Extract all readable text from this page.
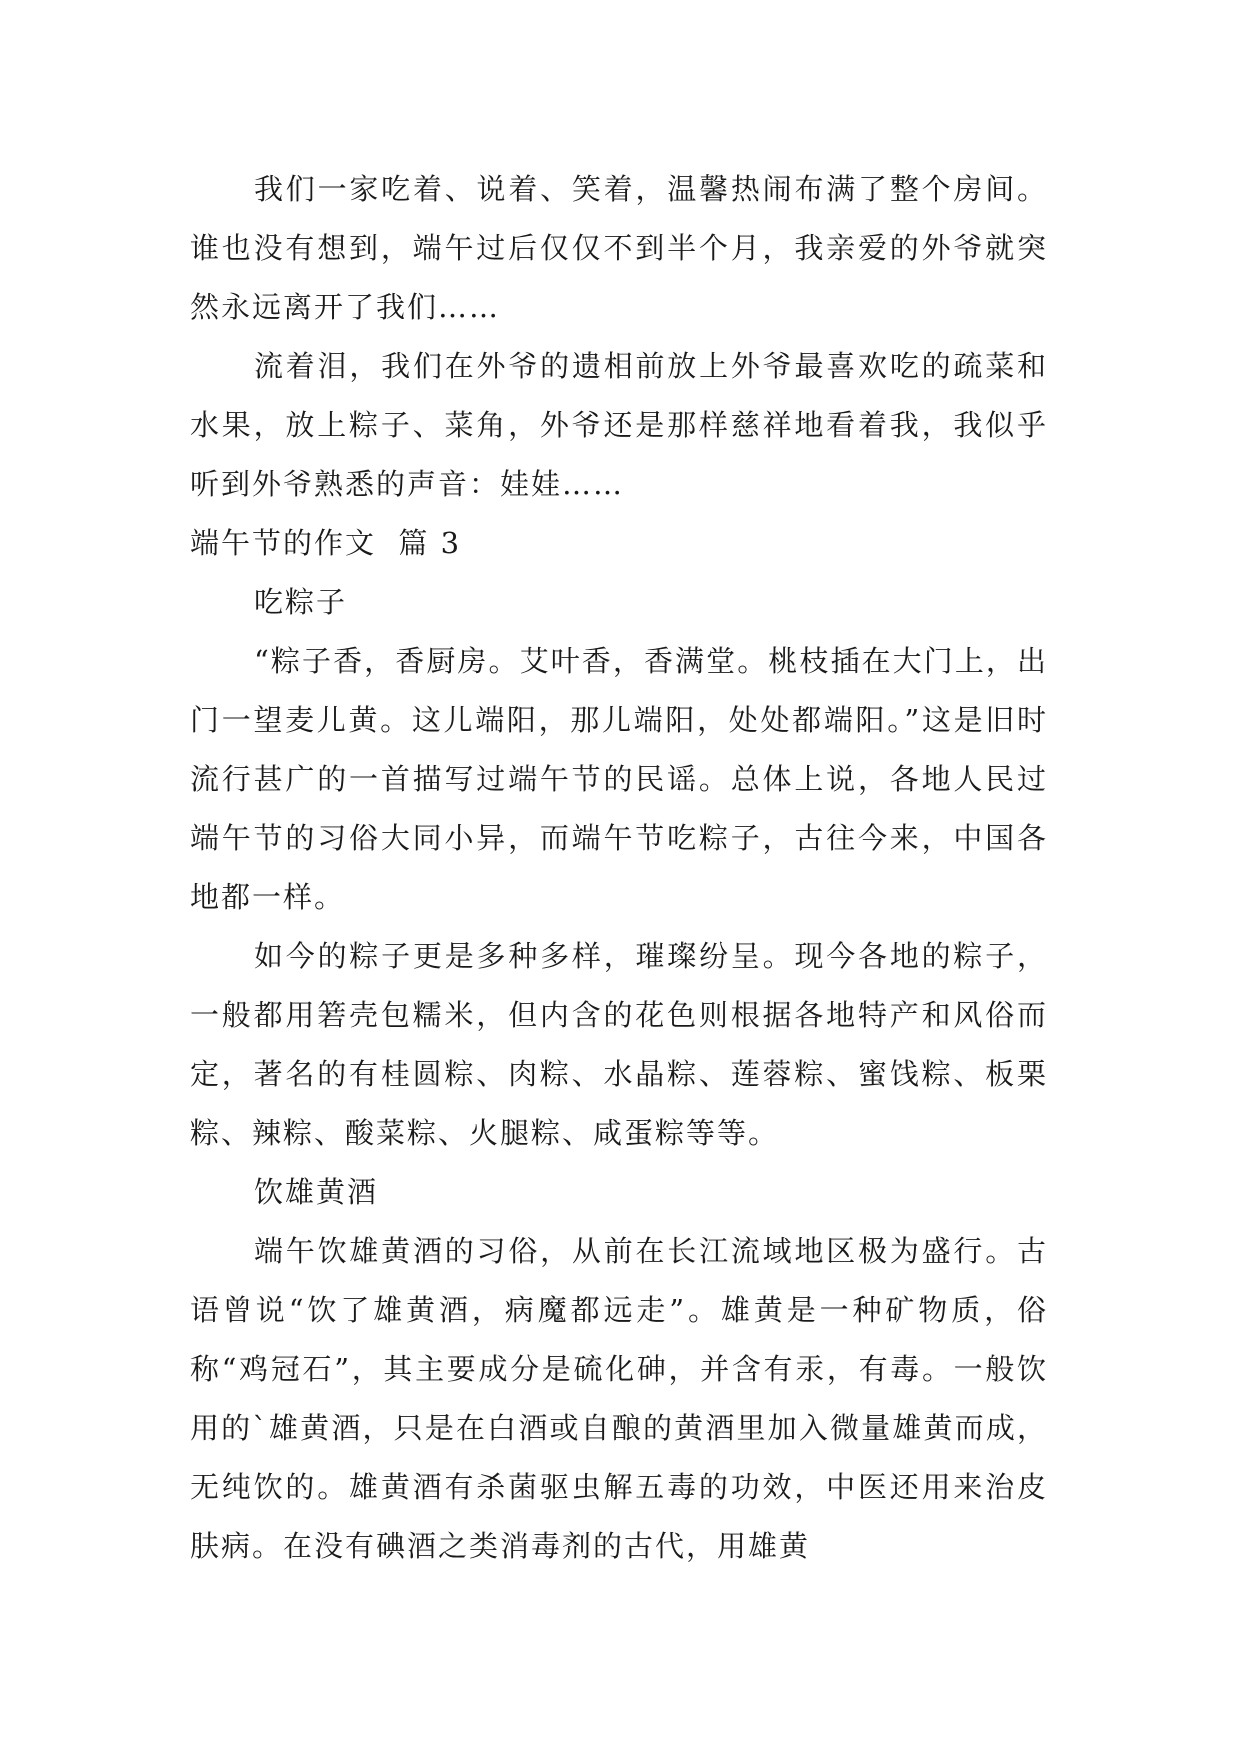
我们一家吃着、说着、笑着，温馨热闹布满了整个房间。谁也没有想到，端午过后仅仅不到半个月，我亲爱的外爷就突然永远离开了我们……

流着泪，我们在外爷的遗相前放上外爷最喜欢吃的疏菜和水果，放上粽子、菜角，外爷还是那样慈祥地看着我，我似乎听到外爷熟悉的声音：娃娃……

端午节的作文  篇 3

吃粽子

“粽子香，香厨房。艾叶香，香满堂。桃枝插在大门上，出门一望麦儿黄。这儿端阳，那儿端阳，处处都端阳。”这是旧时流行甚广的一首描写过端午节的民谣。总体上说，各地人民过端午节的习俗大同小异，而端午节吃粽子，古往今来，中国各地都一样。

如今的粽子更是多种多样，璀璨纷呈。现今各地的粽子，一般都用箬壳包糯米，但内含的花色则根据各地特产和风俗而定，著名的有桂圆粽、肉粽、水晶粽、莲蓉粽、蜜饯粽、板栗粽、辣粽、酸菜粽、火腿粽、咸蛋粽等等。

饮雄黄酒

端午饮雄黄酒的习俗，从前在长江流域地区极为盛行。古语曾说“饮了雄黄酒，病魔都远走”。雄黄是一种矿物质，俗称“鸡冠石”，其主要成分是硫化砷，并含有汞，有毒。一般饮用的`雄黄酒，只是在白酒或自酿的黄酒里加入微量雄黄而成，无纯饮的。雄黄酒有杀菌驱虫解五毒的功效，中医还用来治皮肤病。在没有碘酒之类消毒剂的古代，用雄黄
